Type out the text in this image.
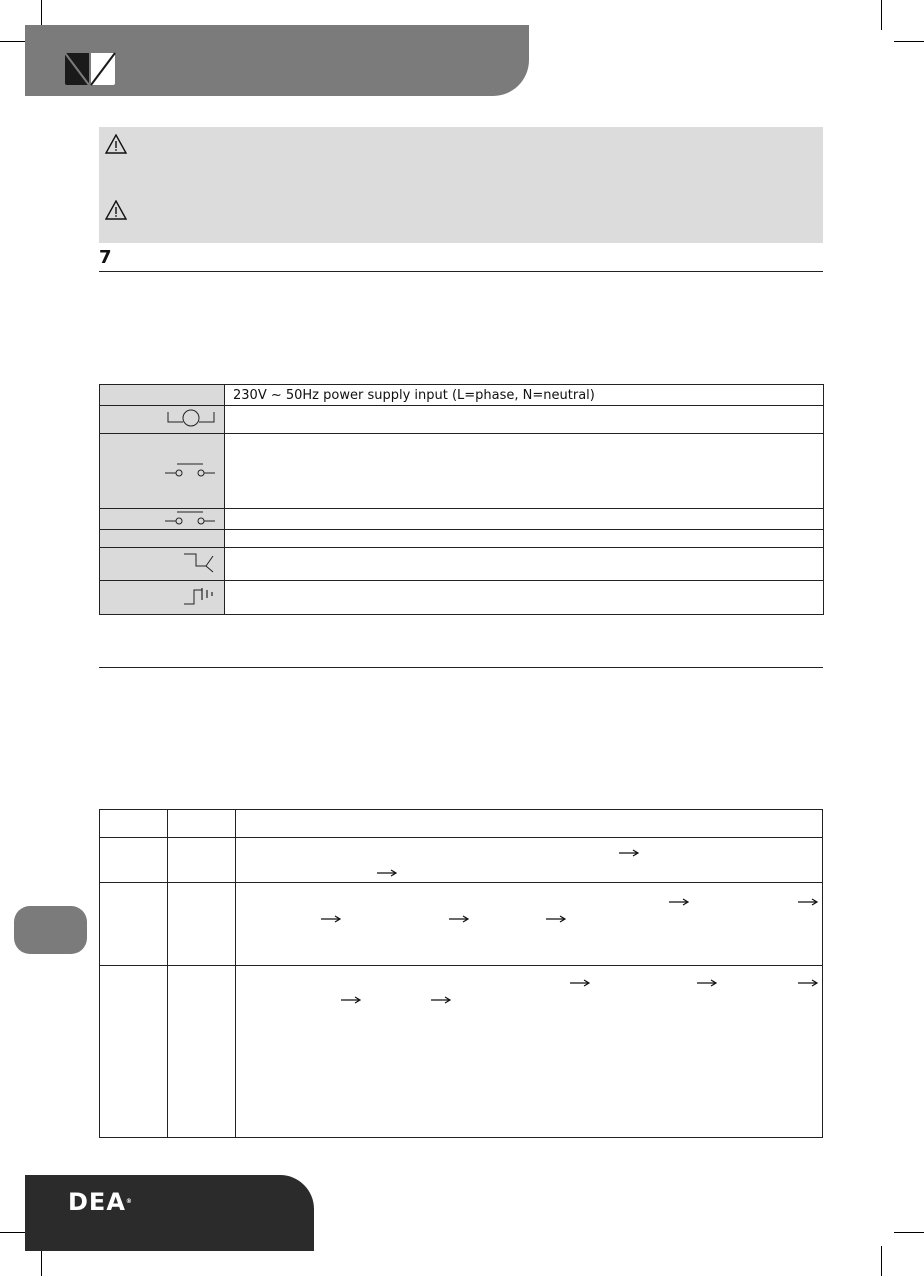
7
	230V ~ 50Hz power supply input (L=phase, N=neutral)

DEA®
